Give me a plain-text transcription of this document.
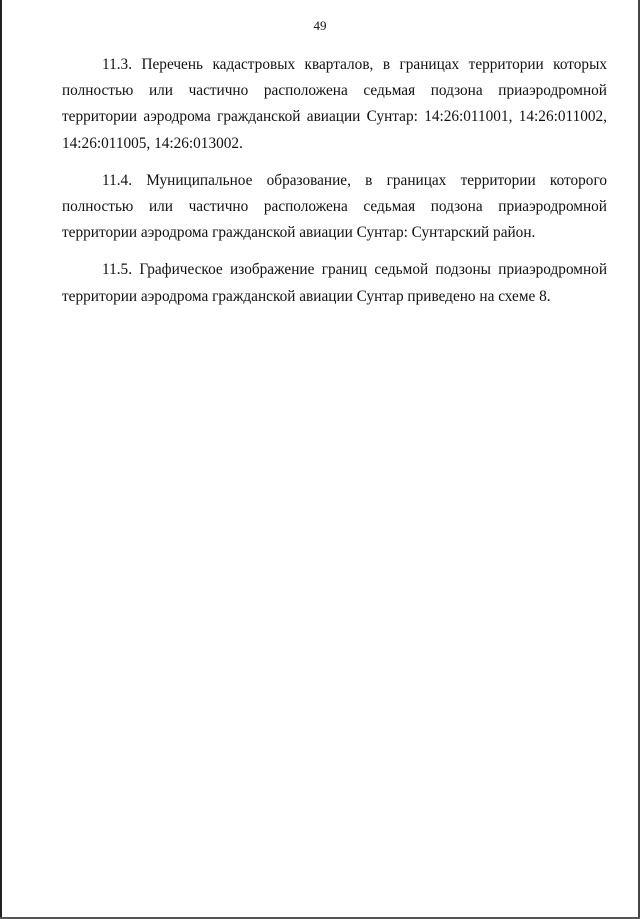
49

11.3. Перечень кадастровых кварталов, в границах территории которых полностью или частично расположена седьмая подзона приаэродромной территории аэродрома гражданской авиации Сунтар: 14:26:011001, 14:26:011002, 14:26:011005, 14:26:013002.

11.4. Муниципальное образование, в границах территории которого полностью или частично расположена седьмая подзона приаэродромной территории аэродрома гражданской авиации Сунтар: Сунтарский район.

11.5. Графическое изображение границ седьмой подзоны приаэродромной территории аэродрома гражданской авиации Сунтар приведено на схеме 8.
